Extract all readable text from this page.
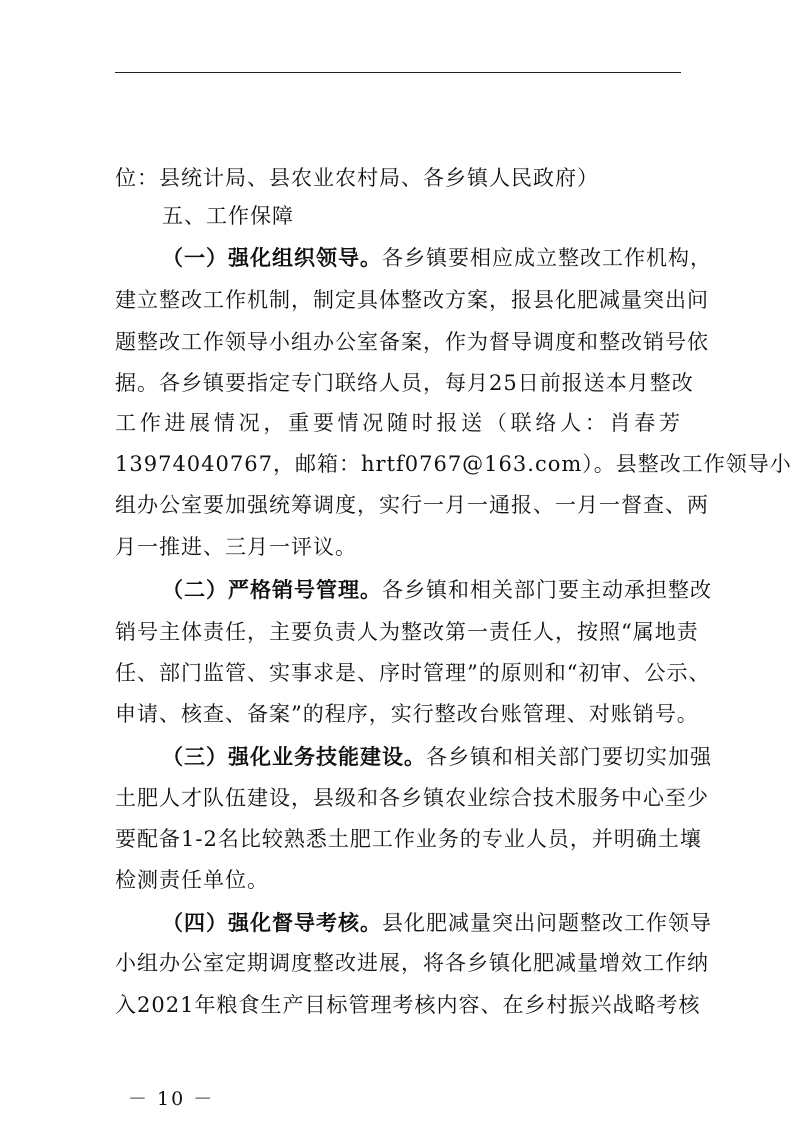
位：县统计局、县农业农村局、各乡镇人民政府）
五、工作保障
（一）强化组织领导。各乡镇要相应成立整改工作机构，
建立整改工作机制，制定具体整改方案，报县化肥减量突出问
题整改工作领导小组办公室备案，作为督导调度和整改销号依
据。各乡镇要指定专门联络人员，每月25日前报送本月整改
工作进展情况，重要情况随时报送（联络人：肖春芳
13974040767，邮箱：hrtf0767@163.com）。县整改工作领导小
组办公室要加强统筹调度，实行一月一通报、一月一督查、两
月一推进、三月一评议。
（二）严格销号管理。各乡镇和相关部门要主动承担整改
销号主体责任，主要负责人为整改第一责任人，按照“属地责
任、部门监管、实事求是、序时管理”的原则和“初审、公示、
申请、核查、备案”的程序，实行整改台账管理、对账销号。
（三）强化业务技能建设。各乡镇和相关部门要切实加强
土肥人才队伍建设，县级和各乡镇农业综合技术服务中心至少
要配备1-2名比较熟悉土肥工作业务的专业人员，并明确土壤
检测责任单位。
（四）强化督导考核。县化肥减量突出问题整改工作领导
小组办公室定期调度整改进展，将各乡镇化肥减量增效工作纳
入2021年粮食生产目标管理考核内容、在乡村振兴战略考核
－ 10 －
